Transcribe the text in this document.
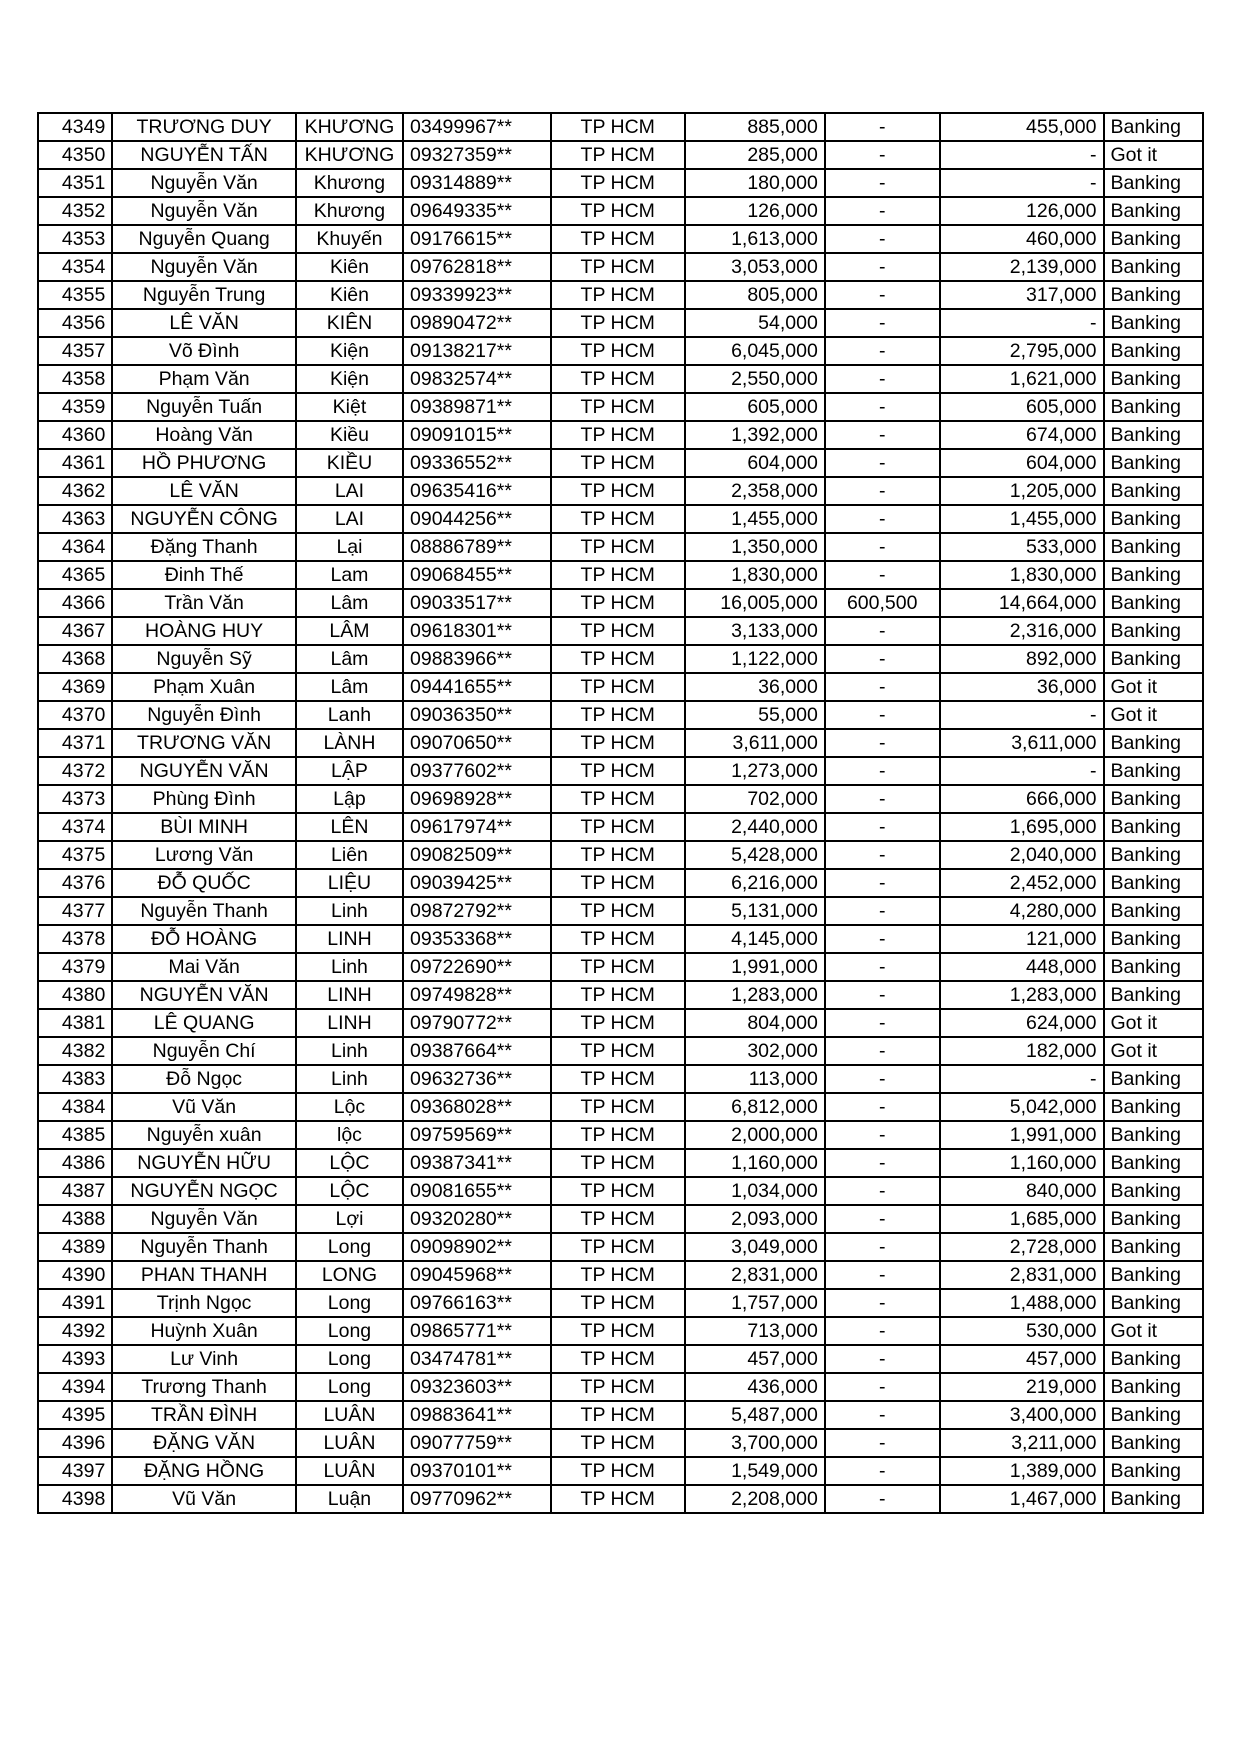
4349	TRƯƠNG DUY	KHƯƠNG	03499967**	TP HCM	885,000	-	455,000	Banking
4350	NGUYỄN TẤN	KHƯƠNG	09327359**	TP HCM	285,000	-	-	Got it
4351	Nguyễn Văn	Khương	09314889**	TP HCM	180,000	-	-	Banking
4352	Nguyễn Văn	Khương	09649335**	TP HCM	126,000	-	126,000	Banking
4353	Nguyễn Quang	Khuyến	09176615**	TP HCM	1,613,000	-	460,000	Banking
4354	Nguyễn Văn	Kiên	09762818**	TP HCM	3,053,000	-	2,139,000	Banking
4355	Nguyễn Trung	Kiên	09339923**	TP HCM	805,000	-	317,000	Banking
4356	LÊ VĂN	KIÊN	09890472**	TP HCM	54,000	-	-	Banking
4357	Võ Đình	Kiện	09138217**	TP HCM	6,045,000	-	2,795,000	Banking
4358	Phạm Văn	Kiện	09832574**	TP HCM	2,550,000	-	1,621,000	Banking
4359	Nguyễn Tuấn	Kiệt	09389871**	TP HCM	605,000	-	605,000	Banking
4360	Hoàng Văn	Kiều	09091015**	TP HCM	1,392,000	-	674,000	Banking
4361	HỒ PHƯƠNG	KIỀU	09336552**	TP HCM	604,000	-	604,000	Banking
4362	LÊ VĂN	LAI	09635416**	TP HCM	2,358,000	-	1,205,000	Banking
4363	NGUYỄN CÔNG	LAI	09044256**	TP HCM	1,455,000	-	1,455,000	Banking
4364	Đặng Thanh	Lại	08886789**	TP HCM	1,350,000	-	533,000	Banking
4365	Đinh Thế	Lam	09068455**	TP HCM	1,830,000	-	1,830,000	Banking
4366	Trần Văn	Lâm	09033517**	TP HCM	16,005,000	600,500	14,664,000	Banking
4367	HOÀNG HUY	LÂM	09618301**	TP HCM	3,133,000	-	2,316,000	Banking
4368	Nguyễn Sỹ	Lâm	09883966**	TP HCM	1,122,000	-	892,000	Banking
4369	Phạm Xuân	Lâm	09441655**	TP HCM	36,000	-	36,000	Got it
4370	Nguyễn Đình	Lanh	09036350**	TP HCM	55,000	-	-	Got it
4371	TRƯƠNG VĂN	LÀNH	09070650**	TP HCM	3,611,000	-	3,611,000	Banking
4372	NGUYỄN VĂN	LẬP	09377602**	TP HCM	1,273,000	-	-	Banking
4373	Phùng Đình	Lập	09698928**	TP HCM	702,000	-	666,000	Banking
4374	BÙI MINH	LÊN	09617974**	TP HCM	2,440,000	-	1,695,000	Banking
4375	Lương Văn	Liên	09082509**	TP HCM	5,428,000	-	2,040,000	Banking
4376	ĐỖ QUỐC	LIỆU	09039425**	TP HCM	6,216,000	-	2,452,000	Banking
4377	Nguyễn Thanh	Linh	09872792**	TP HCM	5,131,000	-	4,280,000	Banking
4378	ĐỖ HOÀNG	LINH	09353368**	TP HCM	4,145,000	-	121,000	Banking
4379	Mai Văn	Linh	09722690**	TP HCM	1,991,000	-	448,000	Banking
4380	NGUYỄN VĂN	LINH	09749828**	TP HCM	1,283,000	-	1,283,000	Banking
4381	LÊ QUANG	LINH	09790772**	TP HCM	804,000	-	624,000	Got it
4382	Nguyễn Chí	Linh	09387664**	TP HCM	302,000	-	182,000	Got it
4383	Đỗ Ngọc	Linh	09632736**	TP HCM	113,000	-	-	Banking
4384	Vũ Văn	Lộc	09368028**	TP HCM	6,812,000	-	5,042,000	Banking
4385	Nguyễn xuân	lộc	09759569**	TP HCM	2,000,000	-	1,991,000	Banking
4386	NGUYỄN HỮU	LỘC	09387341**	TP HCM	1,160,000	-	1,160,000	Banking
4387	NGUYỄN NGỌC	LỘC	09081655**	TP HCM	1,034,000	-	840,000	Banking
4388	Nguyễn Văn	Lợi	09320280**	TP HCM	2,093,000	-	1,685,000	Banking
4389	Nguyễn Thanh	Long	09098902**	TP HCM	3,049,000	-	2,728,000	Banking
4390	PHAN THANH	LONG	09045968**	TP HCM	2,831,000	-	2,831,000	Banking
4391	Trịnh Ngọc	Long	09766163**	TP HCM	1,757,000	-	1,488,000	Banking
4392	Huỳnh Xuân	Long	09865771**	TP HCM	713,000	-	530,000	Got it
4393	Lư Vinh	Long	03474781**	TP HCM	457,000	-	457,000	Banking
4394	Trương Thanh	Long	09323603**	TP HCM	436,000	-	219,000	Banking
4395	TRẦN ĐÌNH	LUÂN	09883641**	TP HCM	5,487,000	-	3,400,000	Banking
4396	ĐẶNG VĂN	LUÂN	09077759**	TP HCM	3,700,000	-	3,211,000	Banking
4397	ĐẶNG HỒNG	LUÂN	09370101**	TP HCM	1,549,000	-	1,389,000	Banking
4398	Vũ Văn	Luận	09770962**	TP HCM	2,208,000	-	1,467,000	Banking
